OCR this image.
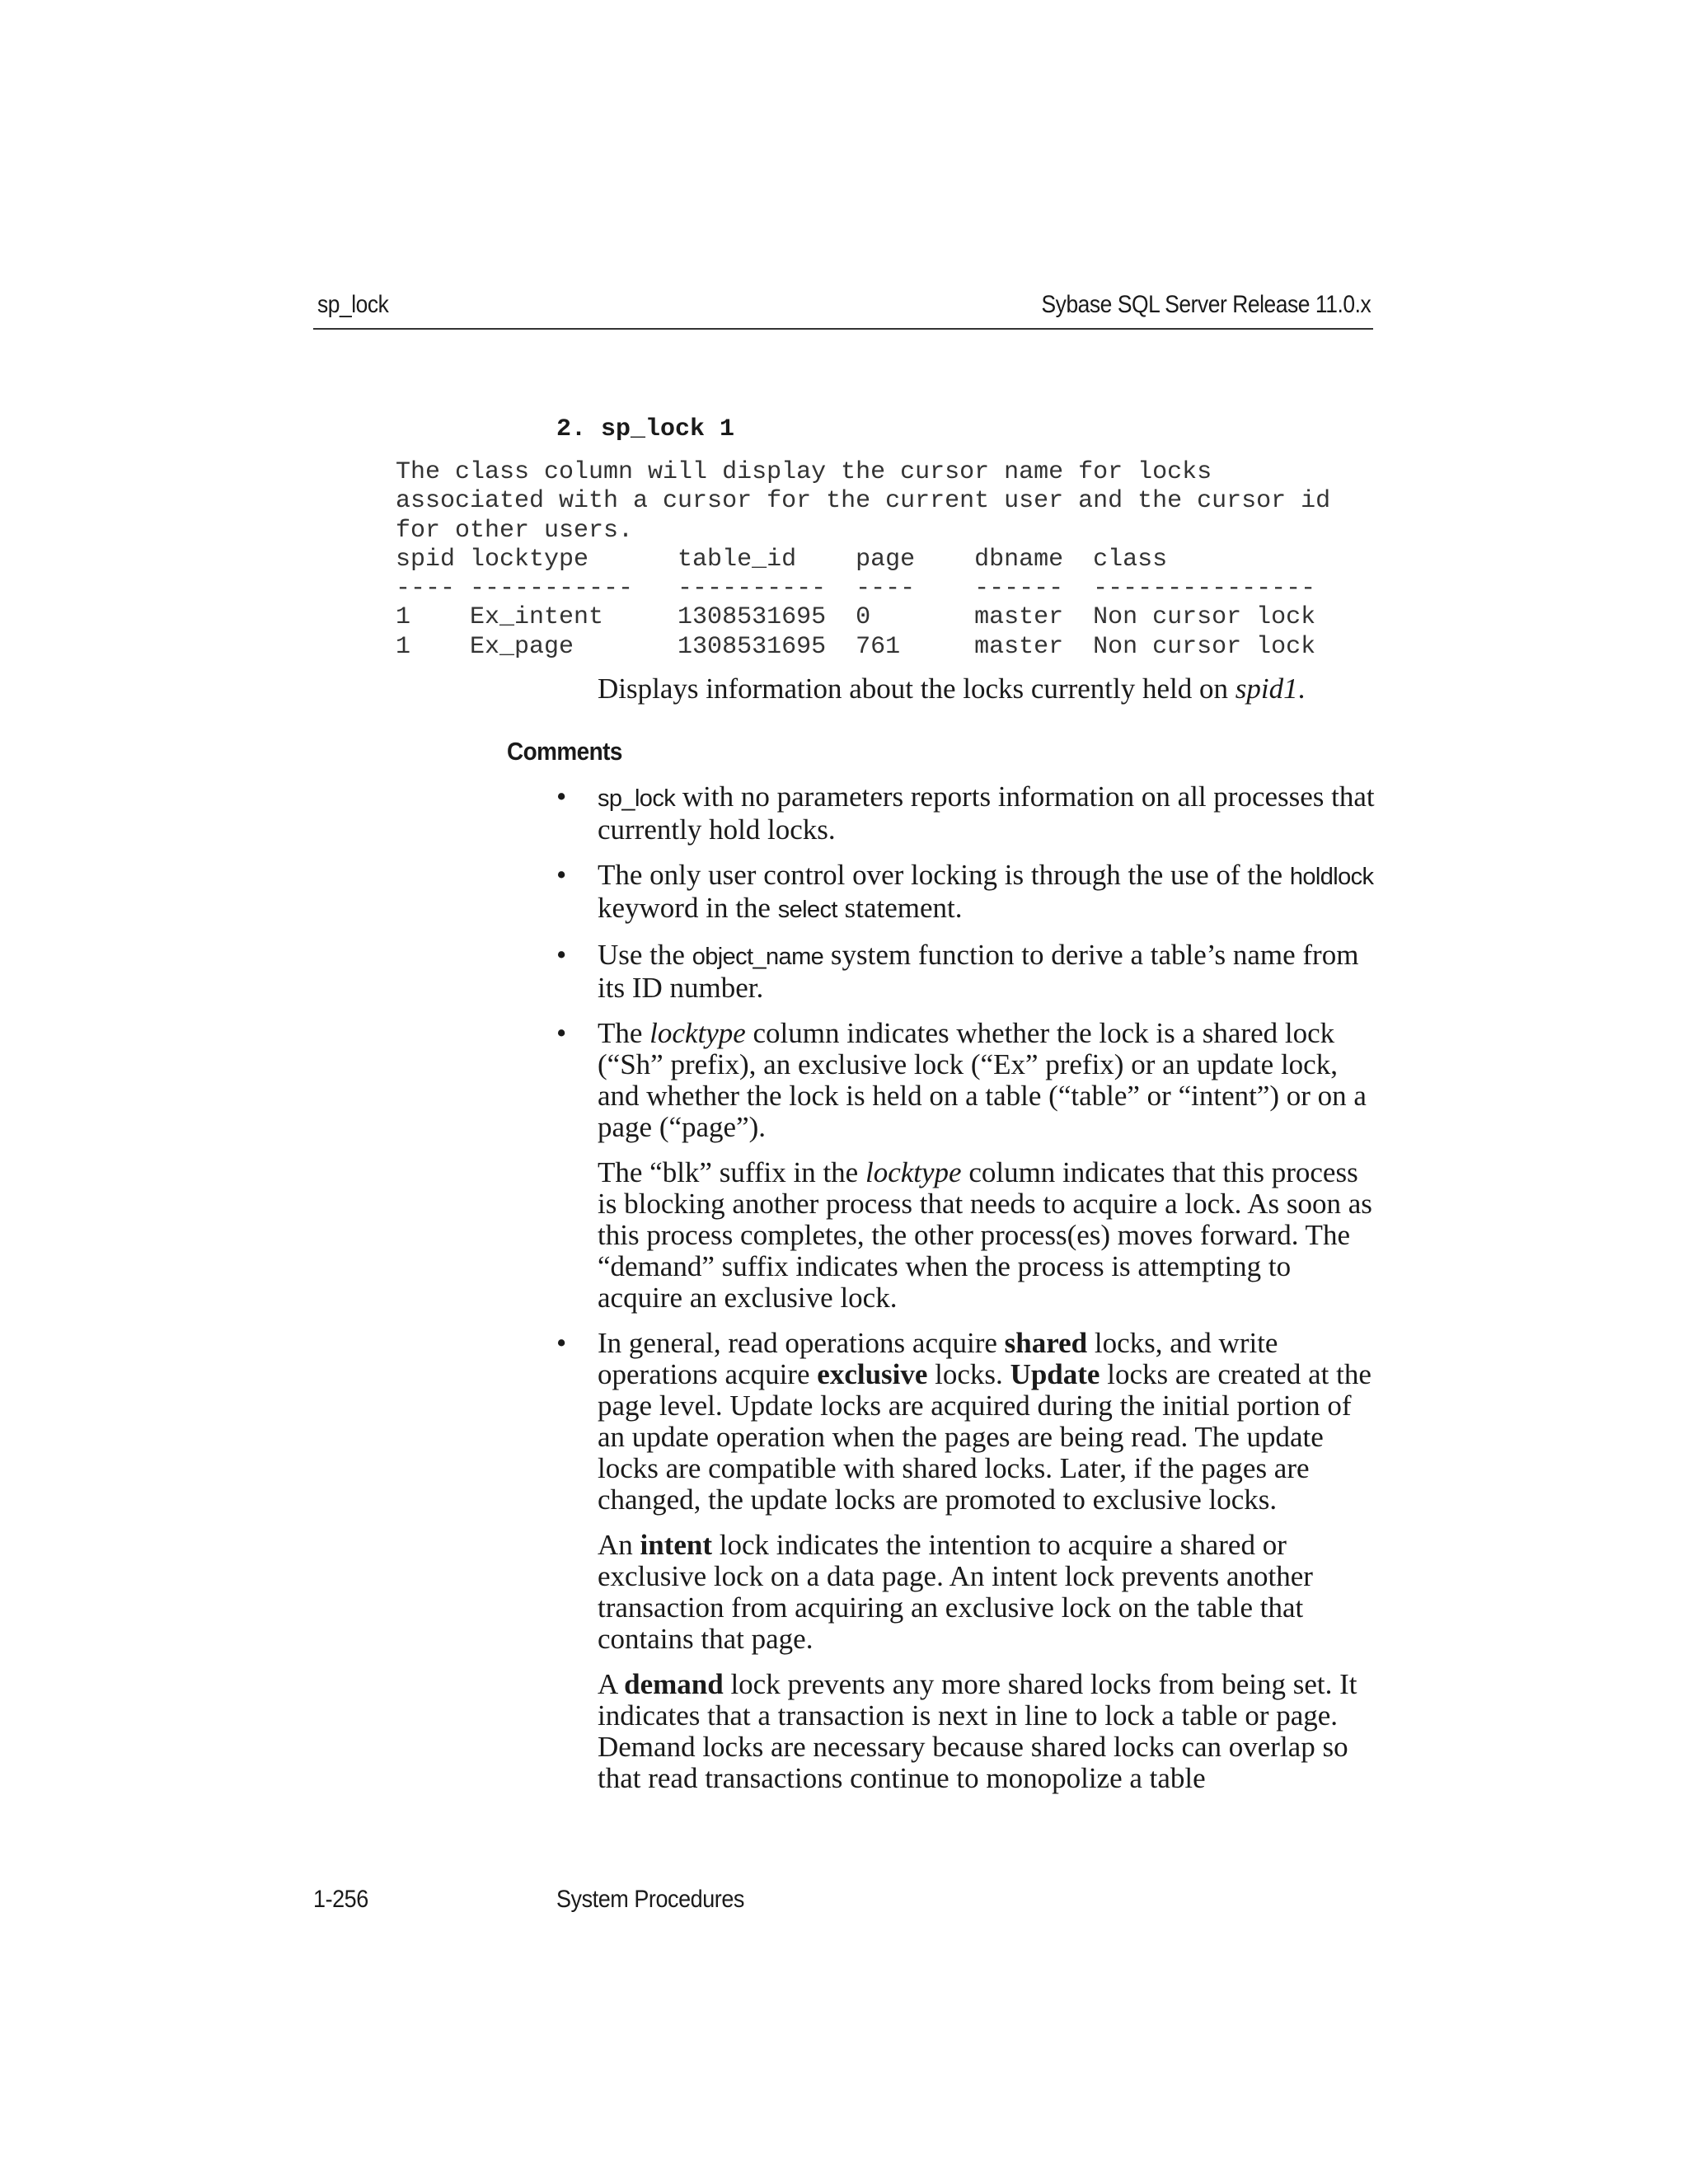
sp_lock	Sybase SQL Server Release 11.0.x
2. sp_lock 1
The class column will display the cursor name for locks
associated with a cursor for the current user and the cursor id
for other users.
spid locktype      table_id    page    dbname  class
---- -----------   ----------  ----    ------  ---------------
1    Ex_intent     1308531695  0       master  Non cursor lock
1    Ex_page       1308531695  761     master  Non cursor lock
Displays information about the locks currently held on spid1.
Comments
• sp_lock with no parameters reports information on all processes that currently hold locks.

• The only user control over locking is through the use of the holdlock keyword in the select statement.

• Use the object_name system function to derive a table’s name from its ID number.

• The locktype column indicates whether the lock is a shared lock (“Sh” prefix), an exclusive lock (“Ex” prefix) or an update lock, and whether the lock is held on a table (“table” or “intent”) or on a page (“page”).

The “blk” suffix in the locktype column indicates that this process is blocking another process that needs to acquire a lock. As soon as this process completes, the other process(es) moves forward. The “demand” suffix indicates when the process is attempting to acquire an exclusive lock.

• In general, read operations acquire shared locks, and write operations acquire exclusive locks. Update locks are created at the page level. Update locks are acquired during the initial portion of an update operation when the pages are being read. The update locks are compatible with shared locks. Later, if the pages are changed, the update locks are promoted to exclusive locks.

An intent lock indicates the intention to acquire a shared or exclusive lock on a data page. An intent lock prevents another transaction from acquiring an exclusive lock on the table that contains that page.

A demand lock prevents any more shared locks from being set. It indicates that a transaction is next in line to lock a table or page. Demand locks are necessary because shared locks can overlap so that read transactions continue to monopolize a table

1-256	System Procedures
